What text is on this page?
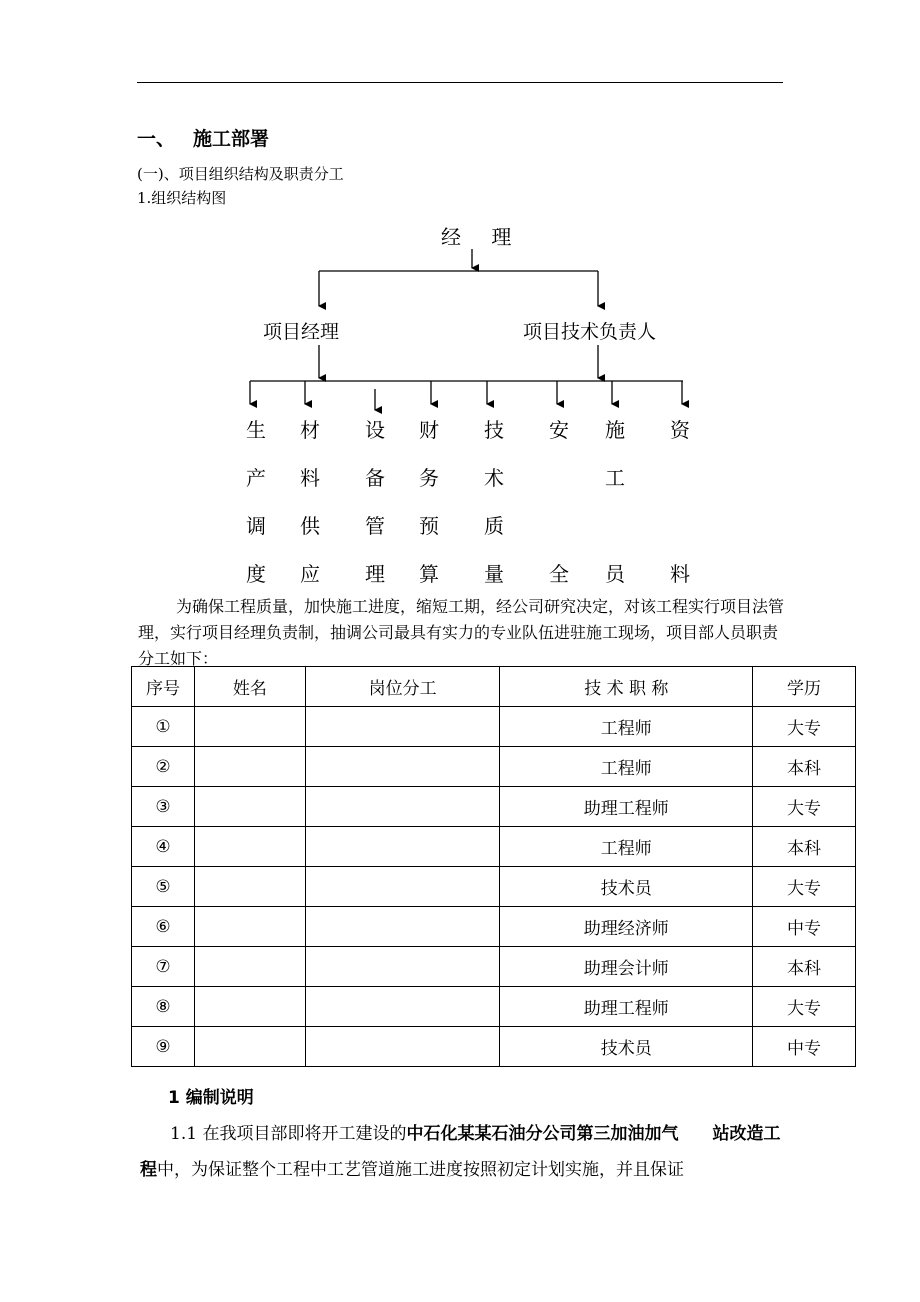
一、 施工部署
(一)、项目组织结构及职责分工
1.组织结构图
经 理
项目经理	项目技术负责人
生
产
调
度
材
料
供
应
设
备
管
理
财
务
预
算
技
术
质
量
安
全
施
工
员
资
料
为确保工程质量，加快施工进度，缩短工期，经公司研究决定，对该工程实行项目法管理，实行项目经理负责制，抽调公司最具有实力的专业队伍进驻施工现场，项目部人员职责分工如下：
序号	姓名	岗位分工	技 术 职 称	学历
①			工程师	大专
②			工程师	本科
③			助理工程师	大专
④			工程师	本科
⑤			技术员	大专
⑥			助理经济师	中专
⑦			助理会计师	本科
⑧			助理工程师	大专
⑨			技术员	中专
1 编制说明
1.1 在我项目部即将开工建设的中石化某某石油分公司第三加油加气　　站改造工程中，为保证整个工程中工艺管道施工进度按照初定计划实施，并且保证
